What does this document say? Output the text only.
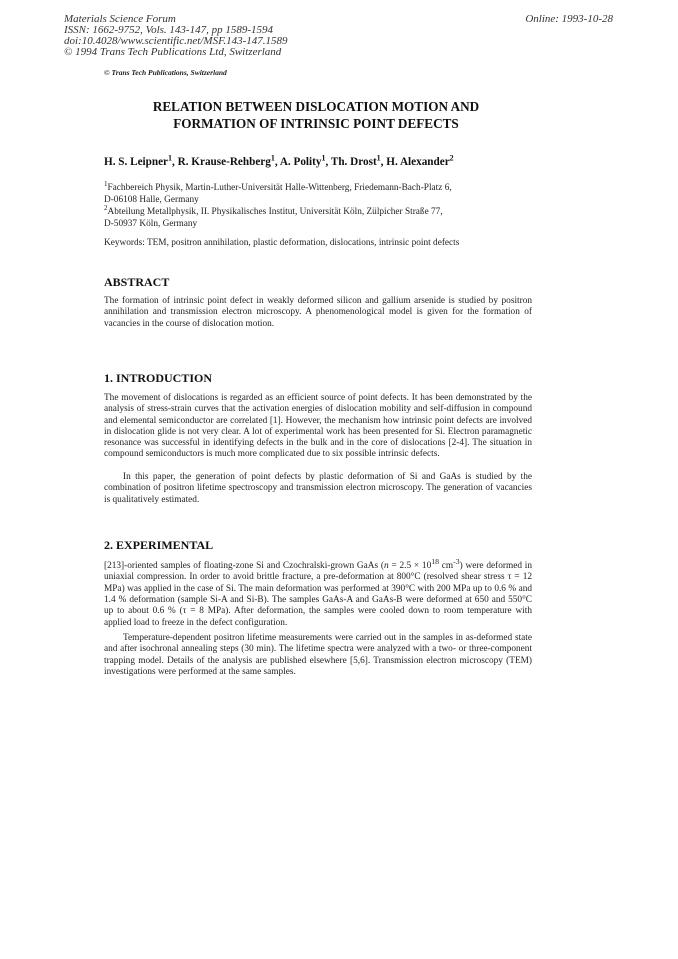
Materials Science Forum
ISSN: 1662-9752, Vols. 143-147, pp 1589-1594
doi:10.4028/www.scientific.net/MSF.143-147.1589
© 1994 Trans Tech Publications Ltd, Switzerland
Online: 1993-10-28
© Trans Tech Publications, Switzerland
RELATION BETWEEN DISLOCATION MOTION AND
FORMATION OF INTRINSIC POINT DEFECTS
H. S. Leipner$^1$, R. Krause-Rehberg$^1$, A. Polity$^1$, Th. Drost$^1$, H. Alexander$^2$
$^1$Fachbereich Physik, Martin-Luther-Universität Halle-Wittenberg, Friedemann-Bach-Platz 6,
D-06108 Halle, Germany
$^2$Abteilung Metallphysik, II. Physikalisches Institut, Universität Köln, Zülpicher Straße 77,
D-50937 Köln, Germany
Keywords: TEM, positron annihilation, plastic deformation, dislocations, intrinsic point defects
ABSTRACT

The formation of intrinsic point defect in weakly deformed silicon and gallium arsenide is studied by positron annihilation and transmission electron microscopy. A phenomenological model is given for the formation of vacancies in the course of dislocation motion.

1. INTRODUCTION

The movement of dislocations is regarded as an efficient source of point defects. It has been demonstrated by the analysis of stress-strain curves that the activation energies of dislocation mobility and self-diffusion in compound and elemental semiconductor are correlated [1]. However, the mechanism how intrinsic point defects are involved in dislocation glide is not very clear. A lot of experimental work has been presented for Si. Electron paramagnetic resonance was successful in identifying defects in the bulk and in the core of dislocations [2-4]. The situation in compound semiconductors is much more complicated due to six possible intrinsic defects.

In this paper, the generation of point defects by plastic deformation of Si and GaAs is studied by the combination of positron lifetime spectroscopy and transmission electron microscopy. The generation of vacancies is qualitatively estimated.

2. EXPERIMENTAL

[213]-oriented samples of floating-zone Si and Czochralski-grown GaAs ($n = 2.5 \times 10^{18}$ $cm^{-3}$) were deformed in uniaxial compression. In order to avoid brittle fracture, a pre-deformation at 800°C (resolved shear stress τ = 12 MPa) was applied in the case of Si. The main deformation was performed at 390°C with 200 MPa up to 0.6 % and 1.4 % deformation (sample Si-A and Si-B). The samples GaAs-A and GaAs-B were deformed at 650 and 550°C up to about 0.6 % (τ = 8 MPa). After deformation, the samples were cooled down to room temperature with applied load to freeze in the defect configuration.

Temperature-dependent positron lifetime measurements were carried out in the samples in as-deformed state and after isochronal annealing steps (30 min). The lifetime spectra were analyzed with a two- or three-component trapping model. Details of the analysis are published elsewhere [5,6]. Transmission electron microscopy (TEM) investigations were performed at the same samples.
